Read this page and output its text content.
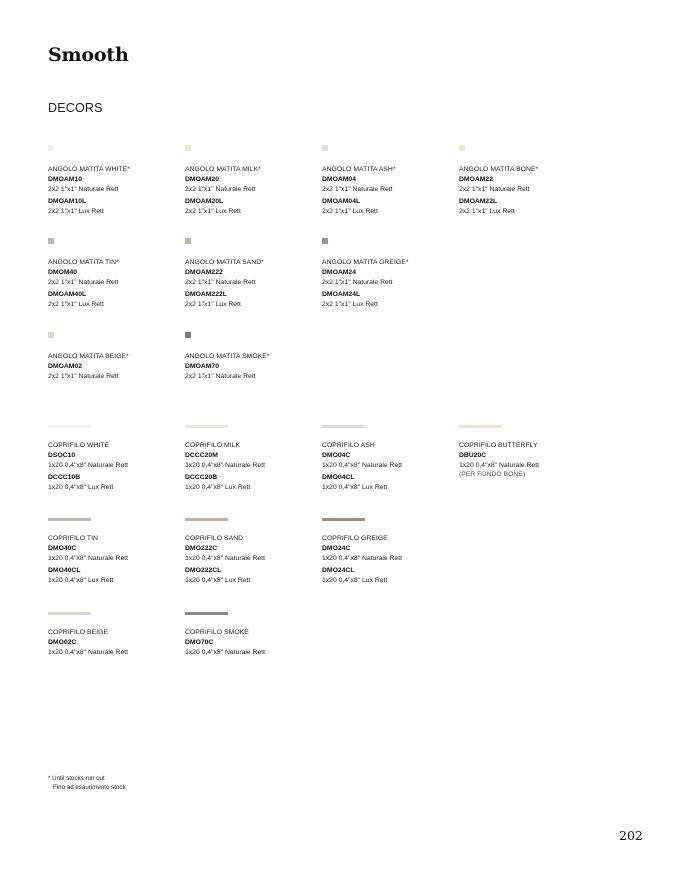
Smooth
DECORS
ANGOLO MATITA WHITE*
DMOAM10
2x2 1"x1" Naturale Rett
DMOAM10L
2x2 1"x1" Lux Rett
ANGOLO MATITA MILK*
DMOAM20
2x2 1"x1" Naturale Rett
DMOAM20L
2x2 1"x1" Lux Rett
ANGOLO MATITA ASH*
DMOAM04
2x2 1"x1" Naturale Rett
DMOAM04L
2x2 1"x1" Lux Rett
ANGOLO MATITA BONE*
DMOAM22
2x2 1"x1" Naturale Rett
DMOAM22L
2x2 1"x1" Lux Rett
ANGOLO MATITA TIN*
DMOM40
2x2 1"x1" Naturale Rett
DMOAM40L
2x2 1"x1" Lux Rett
ANGOLO MATITA SAND*
DMOAM222
2x2 1"x1" Naturale Rett
DMOAM222L
2x2 1"x1" Lux Rett
ANGOLO MATITA GREIGE*
DMOAM24
2x2 1"x1" Naturale Rett
DMOAM24L
2x2 1"x1" Lux Rett
ANGOLO MATITA BEIGE*
DMOAM02
2x2 1"x1" Naturale Rett
ANGOLO MATITA SMOKE*
DMOAM70
2x2 1"x1" Naturale Rett
COPRIFILO WHITE
DSOC10
1x20 0,4"x8" Naturale Rett
DCCC10B
1x20 0,4"x8" Lux Rett
COPRIFILO MILK
DCCC20M
1x20 0,4"x8" Naturale Rett
DCCC20B
1x20 0,4"x8" Lux Rett
COPRIFILO ASH
DMO04C
1x20 0,4"x8" Naturale Rett
DMO04CL
1x20 0,4"x8" Lux Rett
COPRIFILO BUTTERFLY
DBU20C
1x20 0,4"x8" Naturale Rett
(PER FONDO BONE)
COPRIFILO TIN
DMO40C
1x20 0,4"x8" Naturale Rett
DMO40CL
1x20 0,4"x8" Lux Rett
COPRIFILO SAND
DMO222C
1x20 0,4"x8" Naturale Rett
DMO222CL
1x20 0,4"x8" Lux Rett
COPRIFILO GREIGE
DMO24C
1x20 0,4"x8" Naturale Rett
DMO24CL
1x20 0,4"x8" Lux Rett
COPRIFILO BEIGE
DMO02C
1x20 0,4"x8" Naturale Rett
COPRIFILO SMOKE
DMO70C
1x20 0,4"x8" Naturale Rett
* Until stocks run out
Fino ad esaurimento stock
202
